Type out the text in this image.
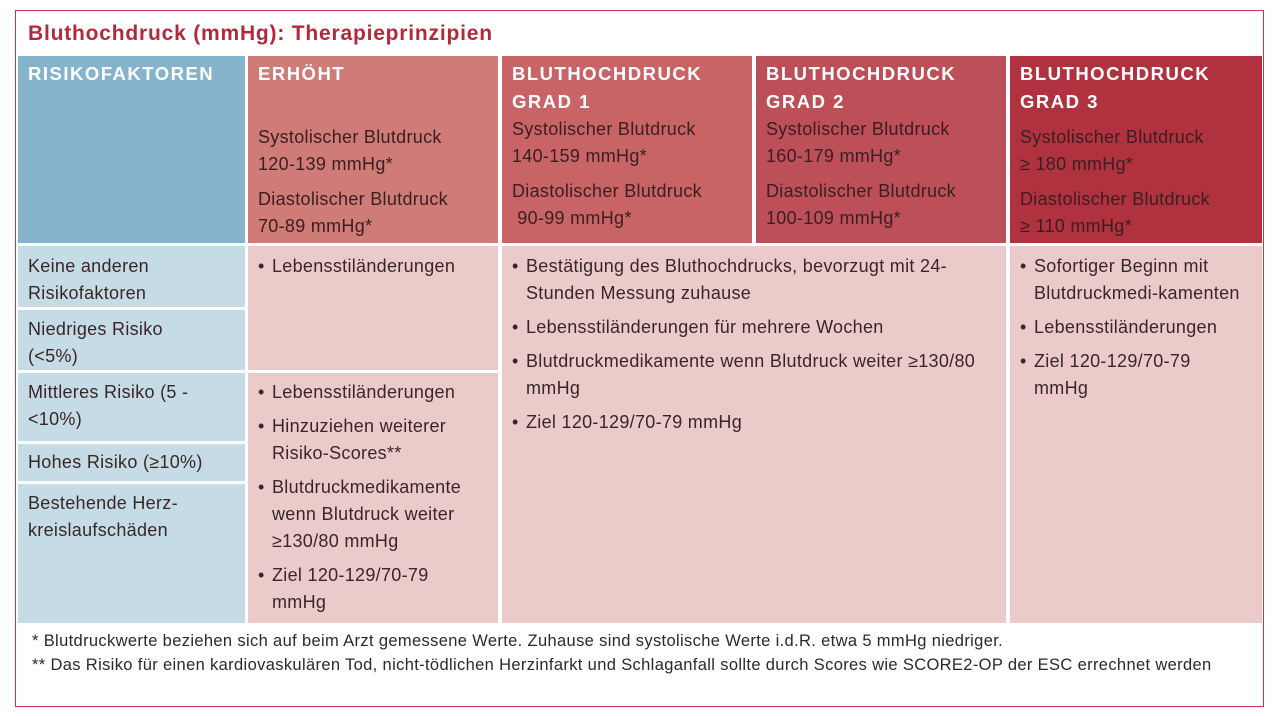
Bluthochdruck (mmHg): Therapieprinzipien
RISIKOFAKTOREN	ERHÖHT
Systolischer Blutdruck
120-139 mmHg*
Diastolischer Blutdruck
70-89 mmHg*
BLUTHOCHDRUCK GRAD 1
Systolischer Blutdruck
140-159 mmHg*
Diastolischer Blutdruck
90-99 mmHg*
BLUTHOCHDRUCK GRAD 2
Systolischer Blutdruck
160-179 mmHg*
Diastolischer Blutdruck
100-109 mmHg*
BLUTHOCHDRUCK GRAD 3
Systolischer Blutdruck
≥ 180 mmHg*
Diastolischer Blutdruck
≥ 110 mmHg*
Keine anderen Risikofaktoren
Niedriges Risiko (<5%)
Mittleres Risiko (5 - <10%)
Hohes Risiko (≥10%)
Bestehende Herz-kreislaufschäden
• Lebensstiländerungen
• Lebensstiländerungen
• Hinzuziehen weiterer Risiko-Scores**
• Blutdruckmedikamente wenn Blutdruck weiter ≥130/80 mmHg
• Ziel 120-129/70-79 mmHg
• Bestätigung des Bluthochdrucks, bevorzugt mit 24-Stunden Messung zuhause
• Lebensstiländerungen für mehrere Wochen
• Blutdruckmedikamente wenn Blutdruck weiter ≥130/80 mmHg
• Ziel 120-129/70-79 mmHg
• Sofortiger Beginn mit Blutdruckmedi-kamenten
• Lebensstiländerungen
• Ziel 120-129/70-79 mmHg
* Blutdruckwerte beziehen sich auf beim Arzt gemessene Werte. Zuhause sind systolische Werte i.d.R. etwa 5 mmHg niedriger.
** Das Risiko für einen kardiovaskulären Tod, nicht-tödlichen Herzinfarkt und Schlaganfall sollte durch Scores wie SCORE2-OP der ESC errechnet werden
